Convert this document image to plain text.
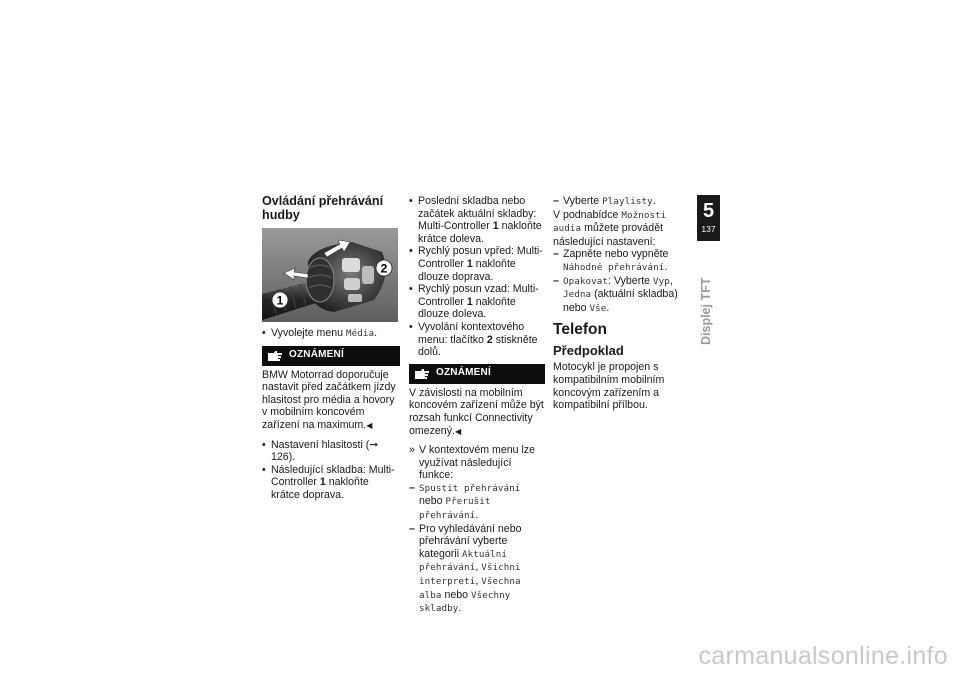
Ovládání přehrávání hudby
1
2
• Vyvolejte menu Média.
OZNÁMENÍ

BMW Motorrad doporučuje nastavit před začátkem jízdy hlasitost pro média a hovory v mobilním koncovém zařízení na maximum.◀

• Nastavení hlasitosti (➞ 126).
• Následující skladba: Multi-Controller 1 nakloňte krátce doprava.
• Poslední skladba nebo začátek aktuální skladby: Multi-Controller 1 nakloňte krátce doleva.
• Rychlý posun vpřed: Multi-Controller 1 nakloňte dlouze doprava.
• Rychlý posun vzad: Multi-Controller 1 nakloňte dlouze doleva.
• Vyvolání kontextového menu: tlačítko 2 stiskněte dolů.
OZNÁMENÍ

V závislosti na mobilním koncovém zařízení může být rozsah funkcí Connectivity omezený.◀

» V kontextovém menu lze využívat následující funkce:
– Spustit přehrávání nebo Přerušit přehrávání.
– Pro vyhledávání nebo přehrávání vyberte kategorii Aktuální přehrávání, Všichni interpreti, Všechna alba nebo Všechny skladby.
– Vyberte Playlisty.

V podnabídce Možnosti audia můžete provádět následující nastavení:

– Zapněte nebo vypněte Náhodné přehrávání.
– Opakovat: Vyberte Vyp, Jedna (aktuální skladba) nebo Vše.
Telefon
Předpoklad

Motocykl je propojen s kompatibilním mobilním koncovým zařízením a kompatibilní přílbou.

5
137
Displej TFT
carmanualsonline.info
